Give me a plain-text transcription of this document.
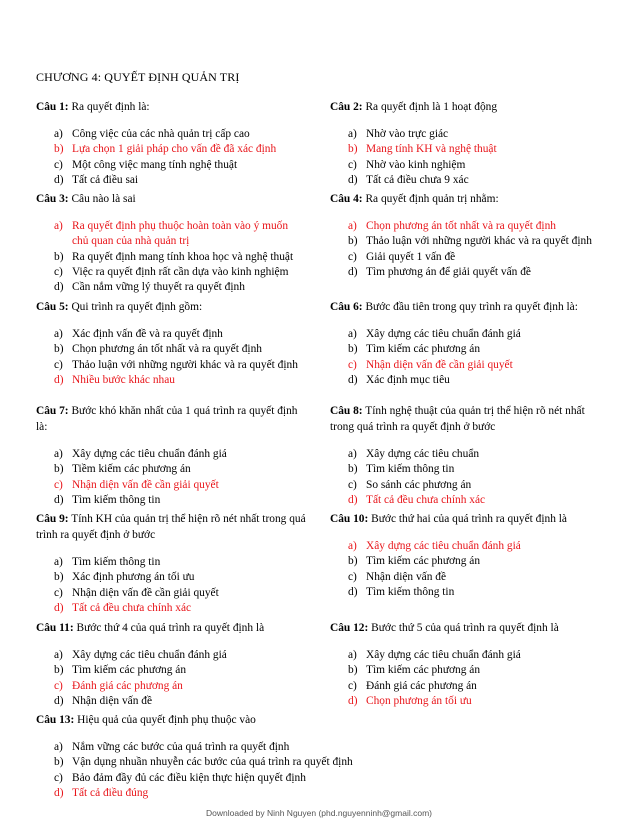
CHƯƠNG 4: QUYẾT ĐỊNH QUẢN TRỊ

Câu 1: Ra quyết định là:

a) Công việc của các nhà quản trị cấp cao
b) Lựa chọn 1 giải pháp cho vấn đề đã xác định
c) Một công việc mang tính nghệ thuật
d) Tất cả điều sai

Câu 2: Ra quyết định là 1 hoạt động

a) Nhờ vào trực giác
b) Mang tính KH và nghệ thuật
c) Nhờ vào kinh nghiệm
d) Tất cả điều chưa 9 xác

Câu 3: Câu nào là sai

a) Ra quyết định phụ thuộc hoàn toàn vào ý muốn chủ quan của nhà quản trị
b) Ra quyết định mang tính khoa học và nghệ thuật
c) Việc ra quyết định rất cần dựa vào kinh nghiệm
d) Cần nắm vững lý thuyết ra quyết định

Câu 4: Ra quyết định quản trị nhằm:

a) Chọn phương án tốt nhất và ra quyết định
b) Thảo luận với những người khác và ra quyết định
c) Giải quyết 1 vấn đề
d) Tìm phương án để giải quyết vấn đề

Câu 5: Qui trình ra quyết định gồm:

a) Xác định vấn đề và ra quyết định
b) Chọn phương án tốt nhất và ra quyết định
c) Thảo luận với những người khác và ra quyết định
d) Nhiều bước khác nhau

Câu 6: Bước đầu tiên trong quy trình ra quyết định là:

a) Xây dựng các tiêu chuẩn đánh giá
b) Tìm kiếm các phương án
c) Nhận diện vấn đề cần giải quyết
d) Xác định mục tiêu

Câu 7: Bước khó khăn nhất của 1 quá trình ra quyết định là:

a) Xây dựng các tiêu chuẩn đánh giá
b) Tiềm kiếm các phương án
c) Nhận diện vấn đề cần giải quyết
d) Tìm kiếm thông tin

Câu 8: Tính nghệ thuật của quản trị thể hiện rõ nét nhất trong quá trình ra quyết định ở bước

a) Xây dựng các tiêu chuẩn
b) Tìm kiếm thông tin
c) So sánh các phương án
d) Tất cả đều chưa chính xác

Câu 9: Tính KH của quản trị thể hiện rõ nét nhất trong quá trình ra quyết định ở bước

a) Tìm kiếm thông tin
b) Xác định phương án tối ưu
c) Nhận diện vấn đề cần giải quyết
d) Tất cả đều chưa chính xác

Câu 10: Bước thứ hai của quá trình ra quyết định là

a) Xây dựng các tiêu chuẩn đánh giá
b) Tìm kiếm các phương án
c) Nhận diện vấn đề
d) Tìm kiếm thông tin

Câu 11: Bước thứ 4 của quá trình ra quyết định là

a) Xây dựng các tiêu chuẩn đánh giá
b) Tìm kiếm các phương án
c) Đánh giá các phương án
d) Nhận diện vấn đề

Câu 12: Bước thứ 5 của quá trình ra quyết định là

a) Xây dựng các tiêu chuẩn đánh giá
b) Tìm kiếm các phương án
c) Đánh giá các phương án
d) Chọn phương án tối ưu

Câu 13: Hiệu quả của quyết định phụ thuộc vào

a) Nắm vững các bước của quá trình ra quyết định
b) Vận dụng nhuần nhuyễn các bước của quá trình ra quyết định
c) Bảo đảm đầy đủ các điều kiện thực hiện quyết định
d) Tất cả điều đúng
Downloaded by Ninh Nguyen (phd.nguyenninh@gmail.com)
